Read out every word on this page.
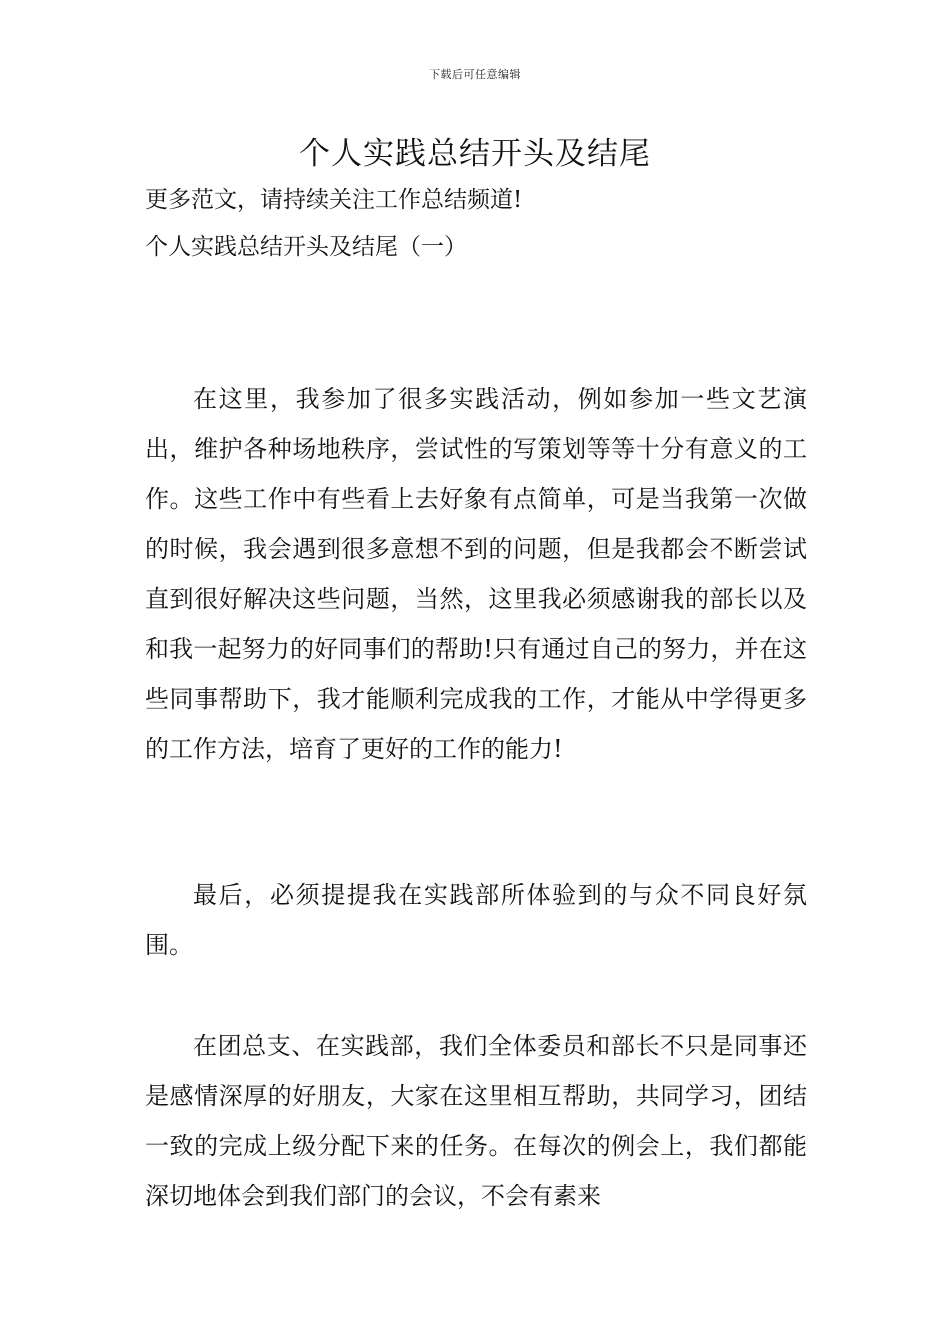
下载后可任意编辑
个人实践总结开头及结尾
更多范文，请持续关注工作总结频道!
个人实践总结开头及结尾（一）

在这里，我参加了很多实践活动，例如参加一些文艺演出，维护各种场地秩序，尝试性的写策划等等十分有意义的工作。这些工作中有些看上去好象有点简单，可是当我第一次做的时候，我会遇到很多意想不到的问题，但是我都会不断尝试直到很好解决这些问题，当然，这里我必须感谢我的部长以及和我一起努力的好同事们的帮助!只有通过自己的努力，并在这些同事帮助下，我才能顺利完成我的工作，才能从中学得更多的工作方法，培育了更好的工作的能力!

最后，必须提提我在实践部所体验到的与众不同良好氛围。

在团总支、在实践部，我们全体委员和部长不只是同事还是感情深厚的好朋友，大家在这里相互帮助，共同学习，团结一致的完成上级分配下来的任务。在每次的例会上，我们都能深切地体会到我们部门的会议，不会有素来
